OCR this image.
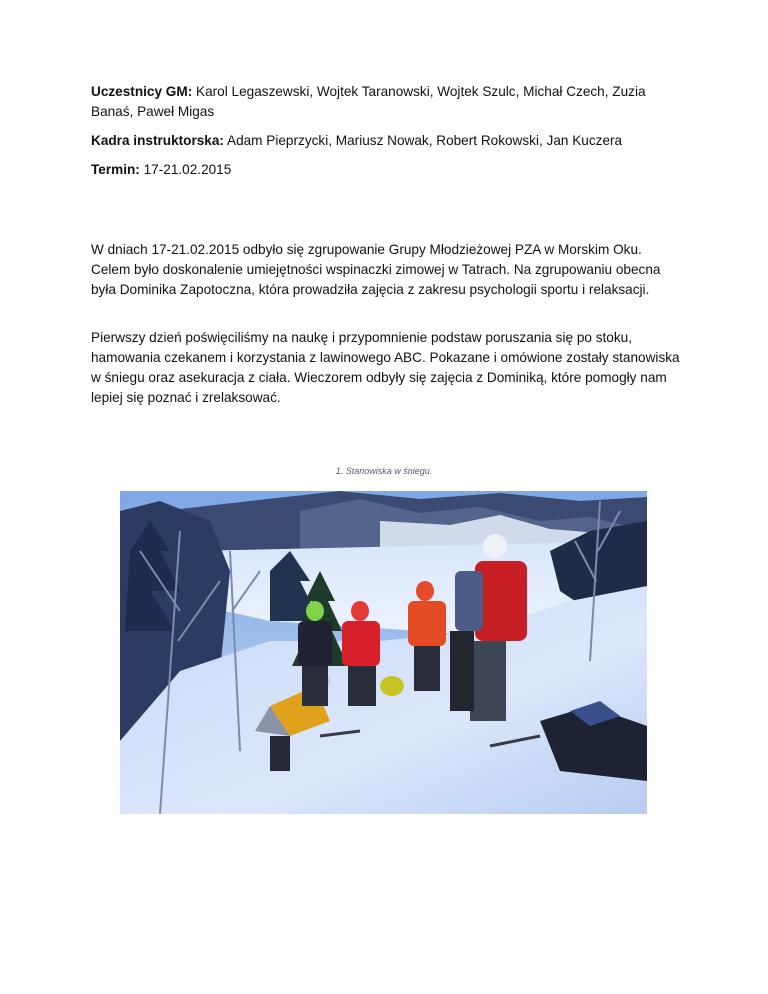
Uczestnicy GM: Karol Legaszewski, Wojtek Taranowski, Wojtek Szulc, Michał Czech, Zuzia Banaś, Paweł Migas

Kadra instruktorska: Adam Pieprzycki, Mariusz Nowak, Robert Rokowski, Jan Kuczera

Termin: 17-21.02.2015

W dniach 17-21.02.2015 odbyło się zgrupowanie Grupy Młodzieżowej PZA w Morskim Oku. Celem było doskonalenie umiejętności wspinaczki zimowej w Tatrach. Na zgrupowaniu obecna była Dominika Zapotoczna, która prowadziła zajęcia z zakresu psychologii sportu i relaksacji.

Pierwszy dzień poświęciliśmy na naukę i przypomnienie podstaw poruszania się po stoku, hamowania czekanem i korzystania z lawinowego ABC. Pokazane i omówione zostały stanowiska w śniegu oraz asekuracja z ciała. Wieczorem odbyły się zajęcia z Dominiką, które pomogły nam lepiej się poznać i zrelaksować.

1. Stanowiska w śniegu.
